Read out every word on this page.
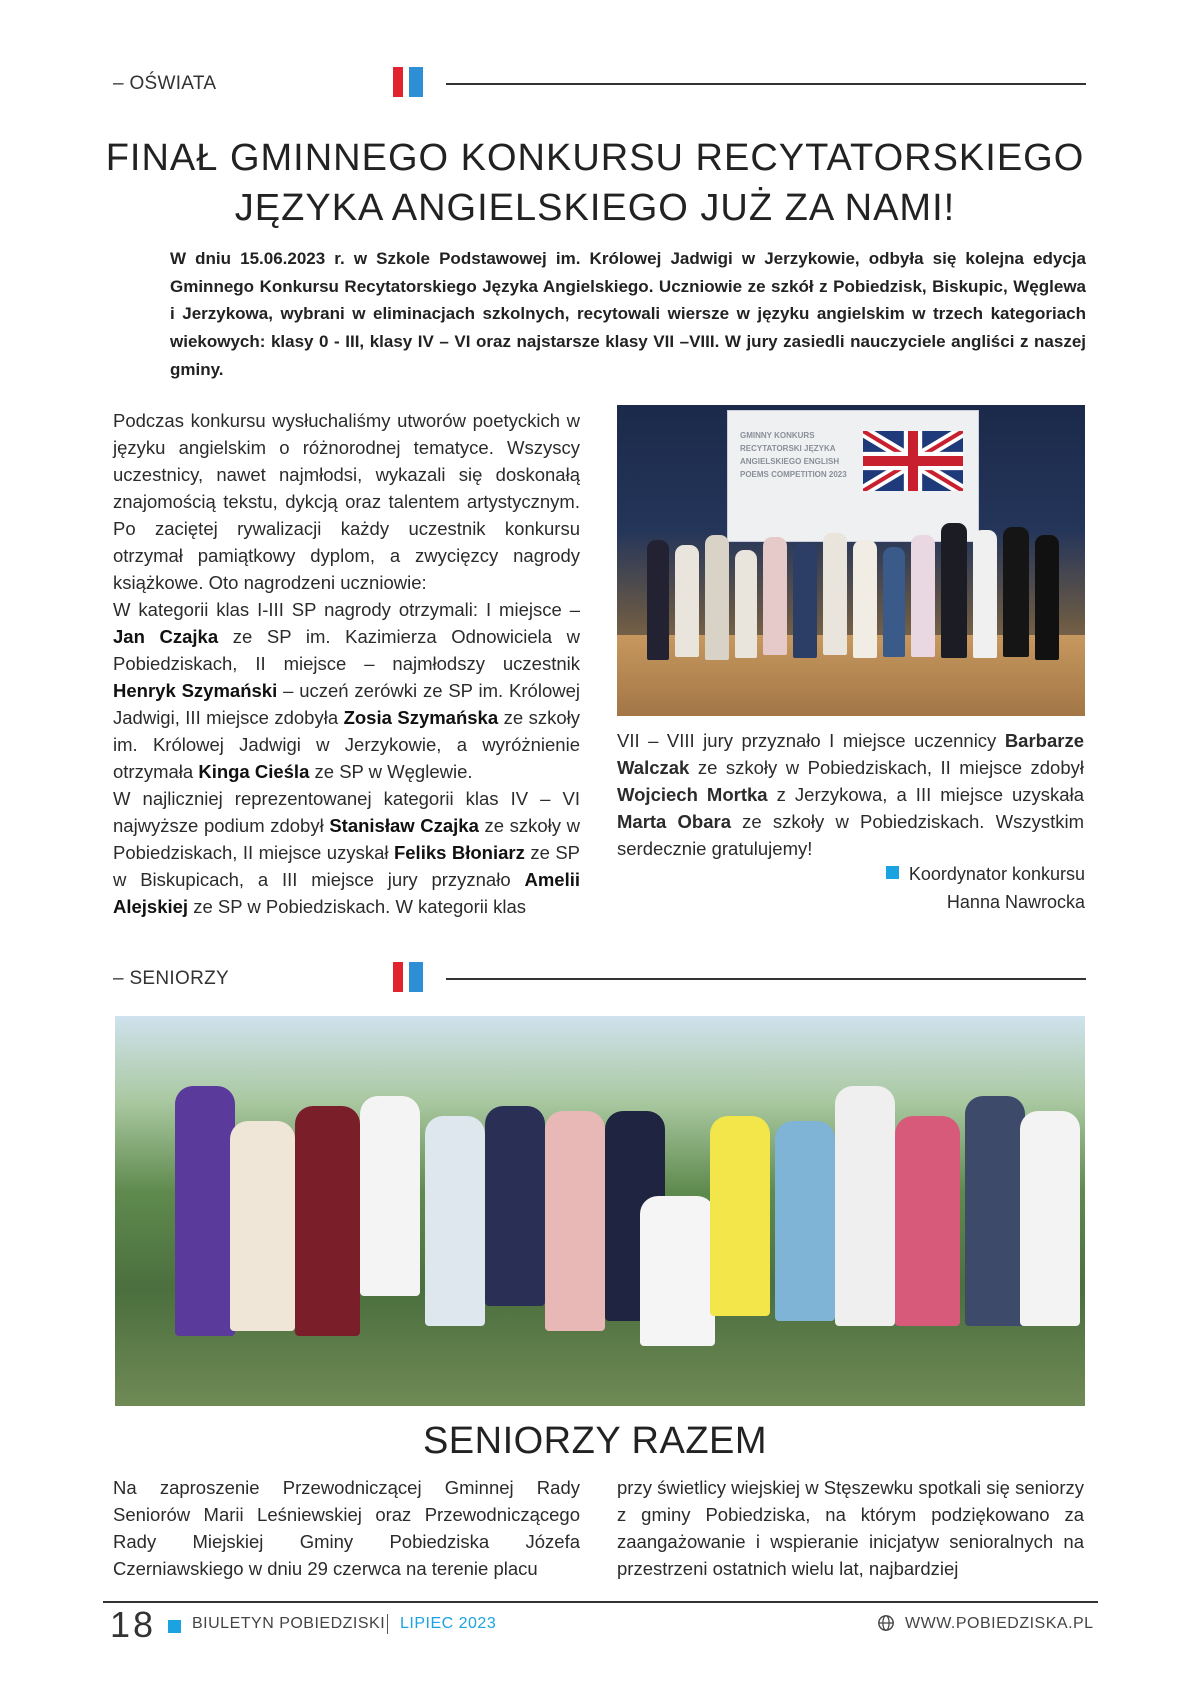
– OŚWIATA
FINAŁ GMINNEGO KONKURSU RECYTATORSKIEGO
JĘZYKA ANGIELSKIEGO JUŻ ZA NAMI!
W dniu 15.06.2023 r. w Szkole Podstawowej im. Królowej Jadwigi w Jerzykowie, odbyła się kolejna edycja Gminnego Konkursu Recytatorskiego Języka Angielskiego. Uczniowie ze szkół z Pobiedzisk, Biskupic, Węglewa i Jerzykowa, wybrani w eliminacjach szkolnych, recytowali wiersze w języku angielskim w trzech kategoriach wiekowych: klasy 0 - III, klasy IV – VI oraz najstarsze klasy VII –VIII. W jury zasiedli nauczyciele angliści z naszej gminy.

Podczas konkursu wysłuchaliśmy utworów poetyckich w języku angielskim o różnorodnej tematyce. Wszyscy uczestnicy, nawet najmłodsi, wykazali się doskonałą znajomością tekstu, dykcją oraz talentem artystycznym. Po zaciętej rywalizacji każdy uczestnik konkursu otrzymał pamiątkowy dyplom, a zwycięzcy nagrody książkowe. Oto nagrodzeni uczniowie:

W kategorii klas I-III SP nagrody otrzymali: I miejsce – Jan Czajka ze SP im. Kazimierza Odnowiciela w Pobiedziskach, II miejsce – najmłodszy uczestnik Henryk Szymański – uczeń zerówki ze SP im. Królowej Jadwigi, III miejsce zdobyła Zosia Szymańska ze szkoły im. Królowej Jadwigi w Jerzykowie, a wyróżnienie otrzymała Kinga Cieśla ze SP w Węglewie.

W najliczniej reprezentowanej kategorii klas IV – VI najwyższe podium zdobył Stanisław Czajka ze szkoły w Pobiedziskach, II miejsce uzyskał Feliks Błoniarz ze SP w Biskupicach, a III miejsce jury przyznało Amelii Alejskiej ze SP w Pobiedziskach. W kategorii klas

GMINNY KONKURS RECYTATORSKI JĘZYKA ANGIELSKIEGO ENGLISH POEMS COMPETITION 2023
VII – VIII jury przyznało I miejsce uczennicy Barbarze Walczak ze szkoły w Pobiedziskach, II miejsce zdobył Wojciech Mortka z Jerzykowa, a III miejsce uzyskała Marta Obara ze szkoły w Pobiedziskach. Wszystkim serdecznie gratulujemy!
Koordynator konkursu
Hanna Nawrocka
– SENIORZY
SENIORZY RAZEM
Na zaproszenie Przewodniczącej Gminnej Rady Seniorów Marii Leśniewskiej oraz Przewodniczącego Rady Miejskiej Gminy Pobiedziska Józefa Czerniawskiego w dniu 29 czerwca na terenie placu
przy świetlicy wiejskiej w Stęszewku spotkali się seniorzy z gminy Pobiedziska, na którym podziękowano za zaangażowanie i wspieranie inicjatyw senioralnych na przestrzeni ostatnich wielu lat, najbardziej
18 BIULETYN POBIEDZISKI LIPIEC 2023	WWW.POBIEDZISKA.PL
